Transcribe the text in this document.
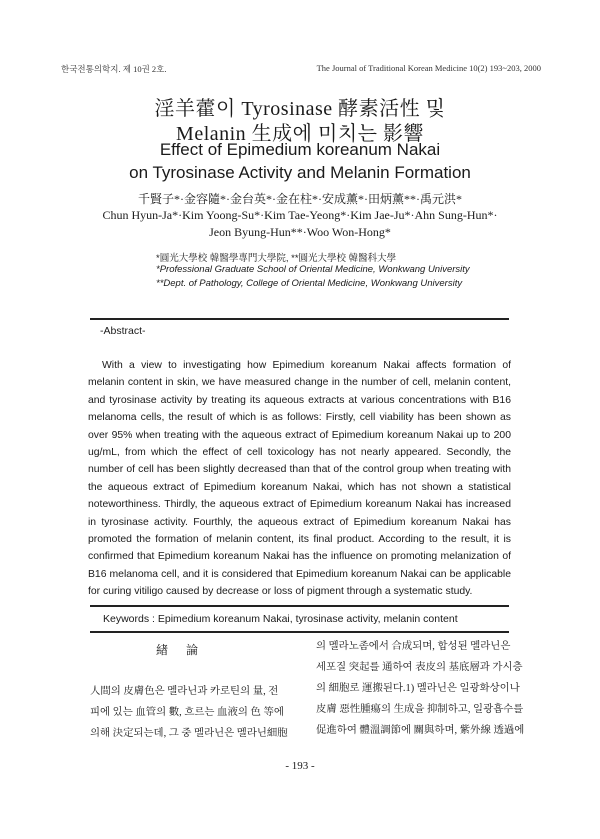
한국전통의학지. 제 10권 2호.	The Journal of Traditional Korean Medicine 10(2) 193~203, 2000
淫羊藿이 Tyrosinase 酵素活性 및
Melanin 生成에 미치는 影響
Effect of Epimedium koreanum Nakai
on Tyrosinase Activity and Melanin Formation
千賢子*·金容隨*·金台英*·金在柱*·安成薰*·田炳薰**·禹元洪*
Chun Hyun-Ja*·Kim Yoong-Su*·Kim Tae-Yeong*·Kim Jae-Ju*·Ahn Sung-Hun*·
Jeon Byung-Hun**·Woo Won-Hong*
*圓光大學校 韓醫學專門大學院, **圓光大學校 韓醫科大學
*Professional Graduate School of Oriental Medicine, Wonkwang University
**Dept. of Pathology, College of Oriental Medicine, Wonkwang University
-Abstract-

With a view to investigating how Epimedium koreanum Nakai affects formation of melanin content in skin, we have measured change in the number of cell, melanin content, and tyrosinase activity by treating its aqueous extracts at various concentrations with B16 melanoma cells, the result of which is as follows: Firstly, cell viability has been shown as over 95% when treating with the aqueous extract of Epimedium koreanum Nakai up to 200 ug/mL, from which the effect of cell toxicology has not nearly appeared. Secondly, the number of cell has been slightly decreased than that of the control group when treating with the aqueous extract of Epimedium koreanum Nakai, which has not shown a statistical noteworthiness. Thirdly, the aqueous extract of Epimedium koreanum Nakai has increased in tyrosinase activity. Fourthly, the aqueous extract of Epimedium koreanum Nakai has promoted the formation of melanin content, its final product. According to the result, it is confirmed that Epimedium koreanum Nakai has the influence on promoting melanization of B16 melanoma cell, and it is considered that Epimedium koreanum Nakai can be applicable for curing vitiligo caused by decrease or loss of pigment through a systematic study.

Keywords : Epimedium koreanum Nakai, tyrosinase activity, melanin content
緖      論
人間의 皮膚色은 멜라닌과 카로틴의 量, 전
피에 있는 血管의 數, 흐르는 血液의 色 等에
의해 決定되는데, 그 중 멜라닌은 멜라닌細胞
의 멜라노좀에서 合成되며, 합성된 멜라닌은
세포질 突起를 通하여 表皮의 基底層과 가시층
의 細胞로 運搬된다.1) 멜라닌은 일광화상이나
皮膚 惡性腫瘍의 生成을 抑制하고, 일광흡수를
促進하여 體溫調節에 關與하며, 紫外線 透過에
- 193 -
